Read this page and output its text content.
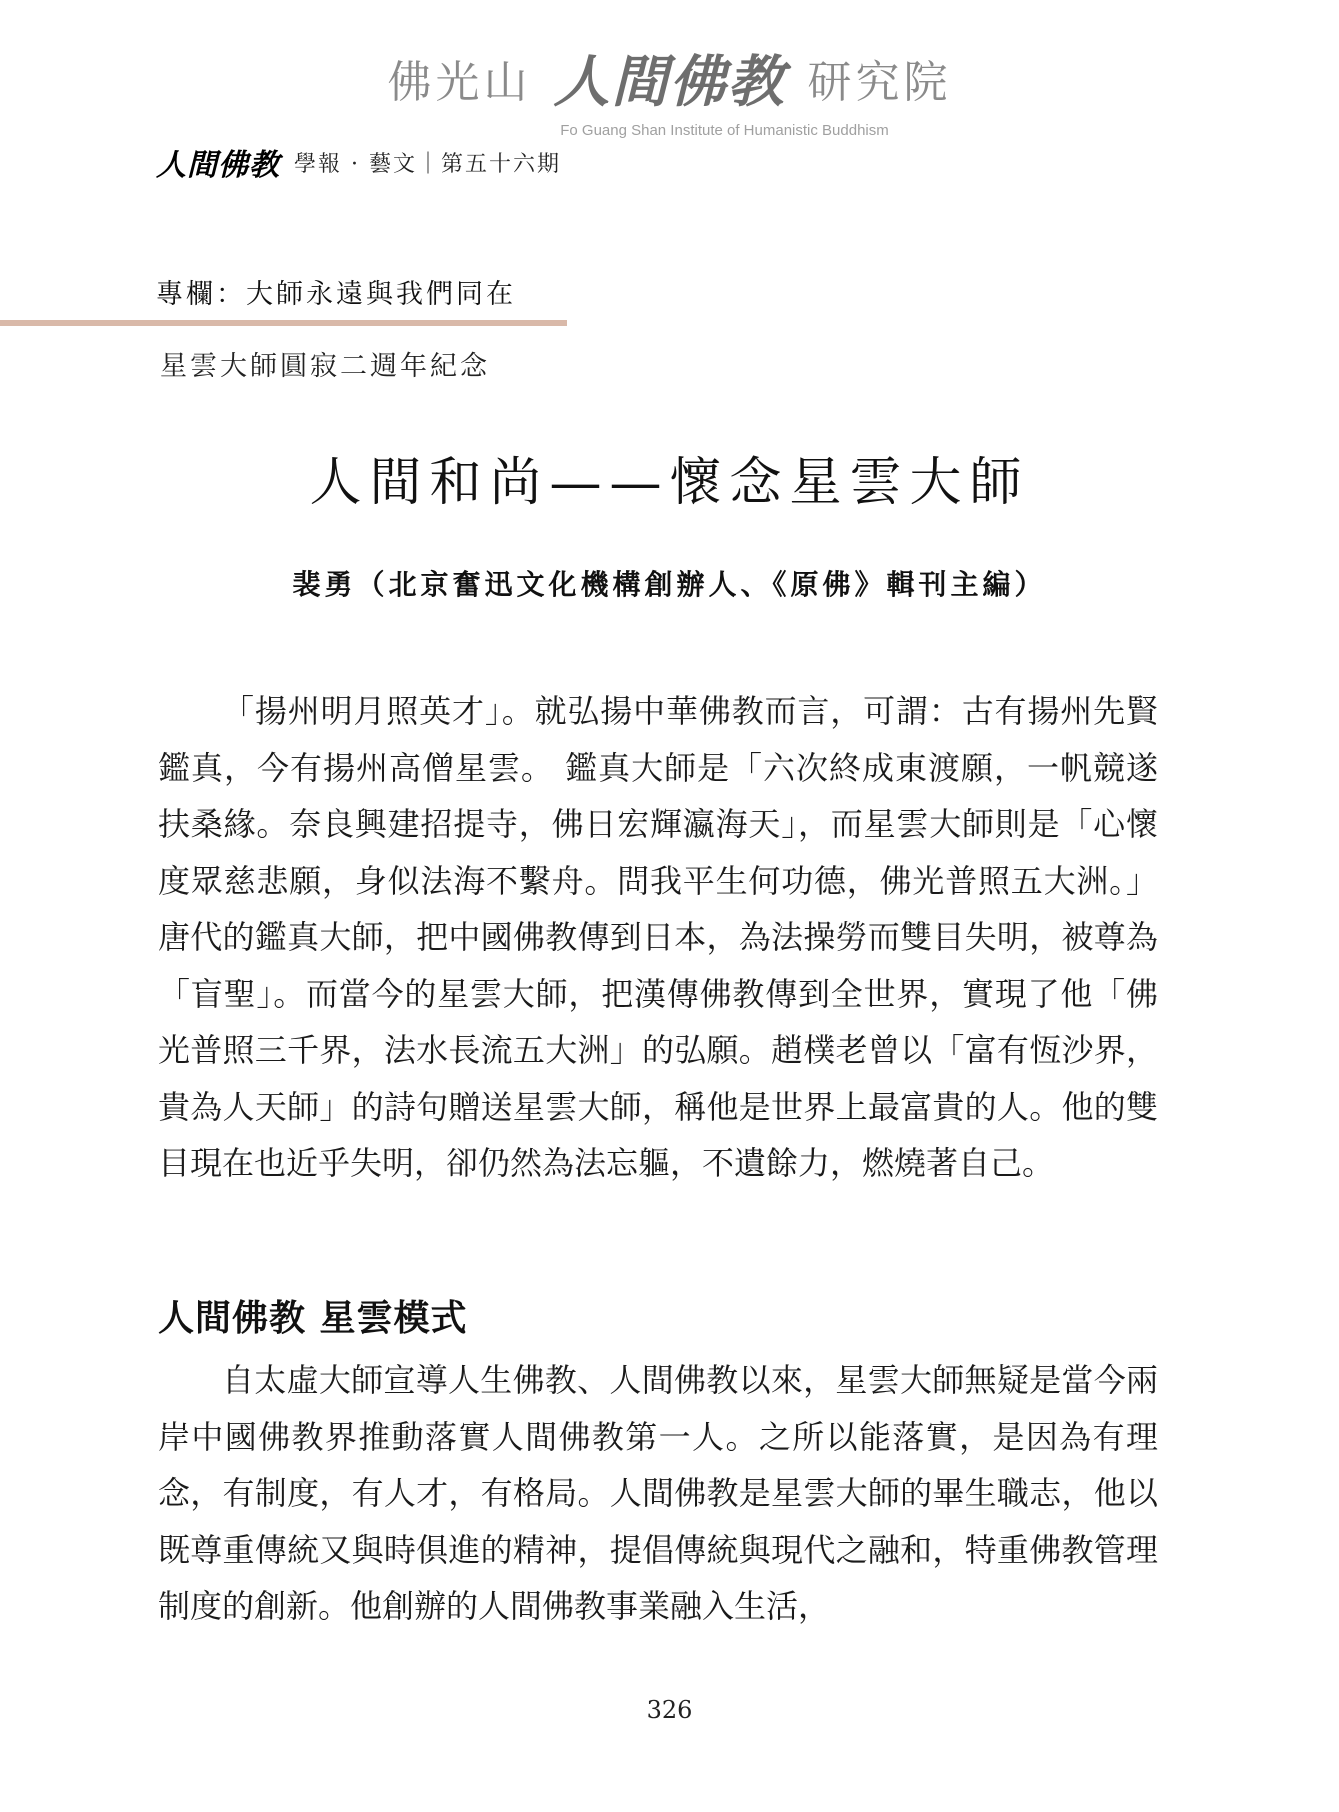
佛光山 人間佛教 研究院
Fo Guang Shan Institute of Humanistic Buddhism
人間佛教 學報 · 藝文｜第五十六期
專欄：大師永遠與我們同在
星雲大師圓寂二週年紀念
人間和尚——懷念星雲大師
裴勇（北京奮迅文化機構創辦人、《原佛》輯刊主編）

「揚州明月照英才」。就弘揚中華佛教而言，可謂：古有揚州先賢鑑真，今有揚州高僧星雲。 鑑真大師是「六次終成東渡願，一帆競遂扶桑緣。奈良興建招提寺，佛日宏輝瀛海天」，而星雲大師則是「心懷度眾慈悲願，身似法海不繫舟。問我平生何功德，佛光普照五大洲。」唐代的鑑真大師，把中國佛教傳到日本，為法操勞而雙目失明，被尊為「盲聖」。而當今的星雲大師，把漢傳佛教傳到全世界，實現了他「佛光普照三千界，法水長流五大洲」的弘願。趙樸老曾以「富有恆沙界，貴為人天師」的詩句贈送星雲大師，稱他是世界上最富貴的人。他的雙目現在也近乎失明，卻仍然為法忘軀，不遺餘力，燃燒著自己。

人間佛教 星雲模式

自太虛大師宣導人生佛教、人間佛教以來，星雲大師無疑是當今兩岸中國佛教界推動落實人間佛教第一人。之所以能落實，是因為有理念，有制度，有人才，有格局。人間佛教是星雲大師的畢生職志，他以既尊重傳統又與時俱進的精神，提倡傳統與現代之融和，特重佛教管理制度的創新。他創辦的人間佛教事業融入生活，

326
